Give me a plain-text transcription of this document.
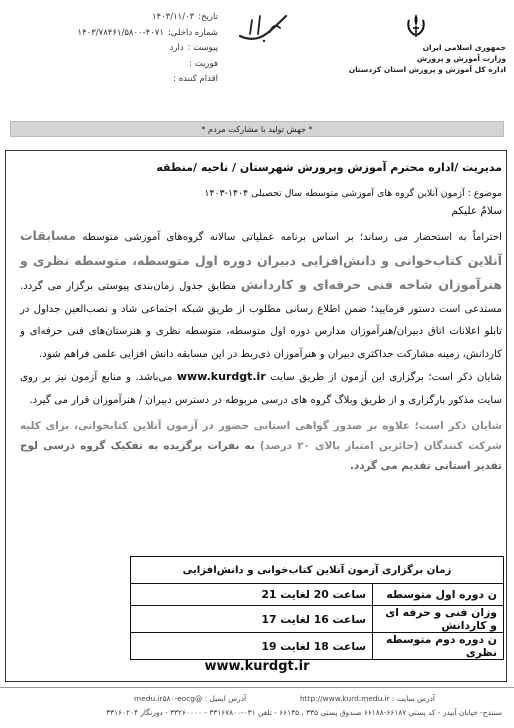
تاریخ:
۱۴۰۳/۱۱/۰۳
شماره داخلی:
۱۴۰۳/۷۸۴۶۱/۵۸۰۰-۴۰۷۱
پیوست :
دارد
فوریت :
اقدام کننده :
جمهوری اسلامی ایران
وزارت آموزش و پرورش
اداره کل آموزش و پرورش استان کردستان
* جهش تولید با مشارکت مردم *
مدیریت /اداره محترم آموزش وپرورش شهرستان / ناحیه /منطقه
موضوع : آزمون آنلاین گروه های آموزشی متوسطه سال تحصیلی ۱۴۰۴-۱۴۰۳
سلامٌ علیکم

احتراماً به استحضار می رساند؛ بر اساس برنامه عملیاتی سالانه گروه‌های آموزشی متوسطه مسابقات آنلاین کتاب‌خوانی و دانش‌افزایی دبیران دوره اول متوسطه، متوسطه نظری و هنرآموزان شاخه فنی حرفه‌ای و کاردانش مطابق جدول زمان‌بندی پیوستی برگزار می گردد. مستدعی است دستور فرمایید؛ ضمن اطلاع رسانی مطلوب از طریق شبکه اجتماعی شاد و نصب‌العین جداول در تابلو اعلانات اتاق دبیران/هنرآموزان مدارس دوره اول متوسطه، متوسطه نظری و هنرستان‌های فنی حرفه‌ای و کاردانش، زمینه مشارکت حداکثری دبیران و هنرآموزان ذی‌ربط در این مسابقه دانش افزایی علمی فراهم شود.

شایان ذکر است؛ برگزاری این آزمون از طریق سایت www.kurdgt.ir می‌باشد. و منابع آزمون نیز بر روی سایت مذکور بارگزاری و از طریق وبلاگ گروه های درسی مربوطه در دسترس دبیران / هنرآموزان قرار می گیرد.

شایان ذکر است؛ علاوه بر صدور گواهی استانی حضور در آزمون آنلاین کتابخوانی، برای کلیه شرکت کنندگان (حائزین امتیاز بالای ۲۰ درصد) به نفرات برگزیده به تفکیک گروه درسی لوح تقدیر استانی تقدیم می گردد.

زمان برگزاری آزمون آنلاین کتاب‌خوانی و دانش‌افزایی	
ن دوره اول متوسطه	ساعت 20 لغایت 21
وزان فنی و حرفه ای و کاردانش	ساعت 16 لغایت 17
ن دوره دوم متوسطه نظری	ساعت 18 لغایت 19
www.kurdgt.ir
آدرس سایت : http://www.kurd.medu.ir
آدرس ایمیل : @medu.ir۵۸۰-eocg
سنندج- خیابان آبیدر - کد پستی ۶۶۱۸۷-۶۶۱۸۸ صندوق پستی ۳۳۵ ، ۶۶۱۳۵ - تلفن ۰۳۱-۳۳۱۶۷۸۰۰ - ۳۳۲۶۰۰۰۰ - دورنگار ۳۳۱۶۰۲۰۴
